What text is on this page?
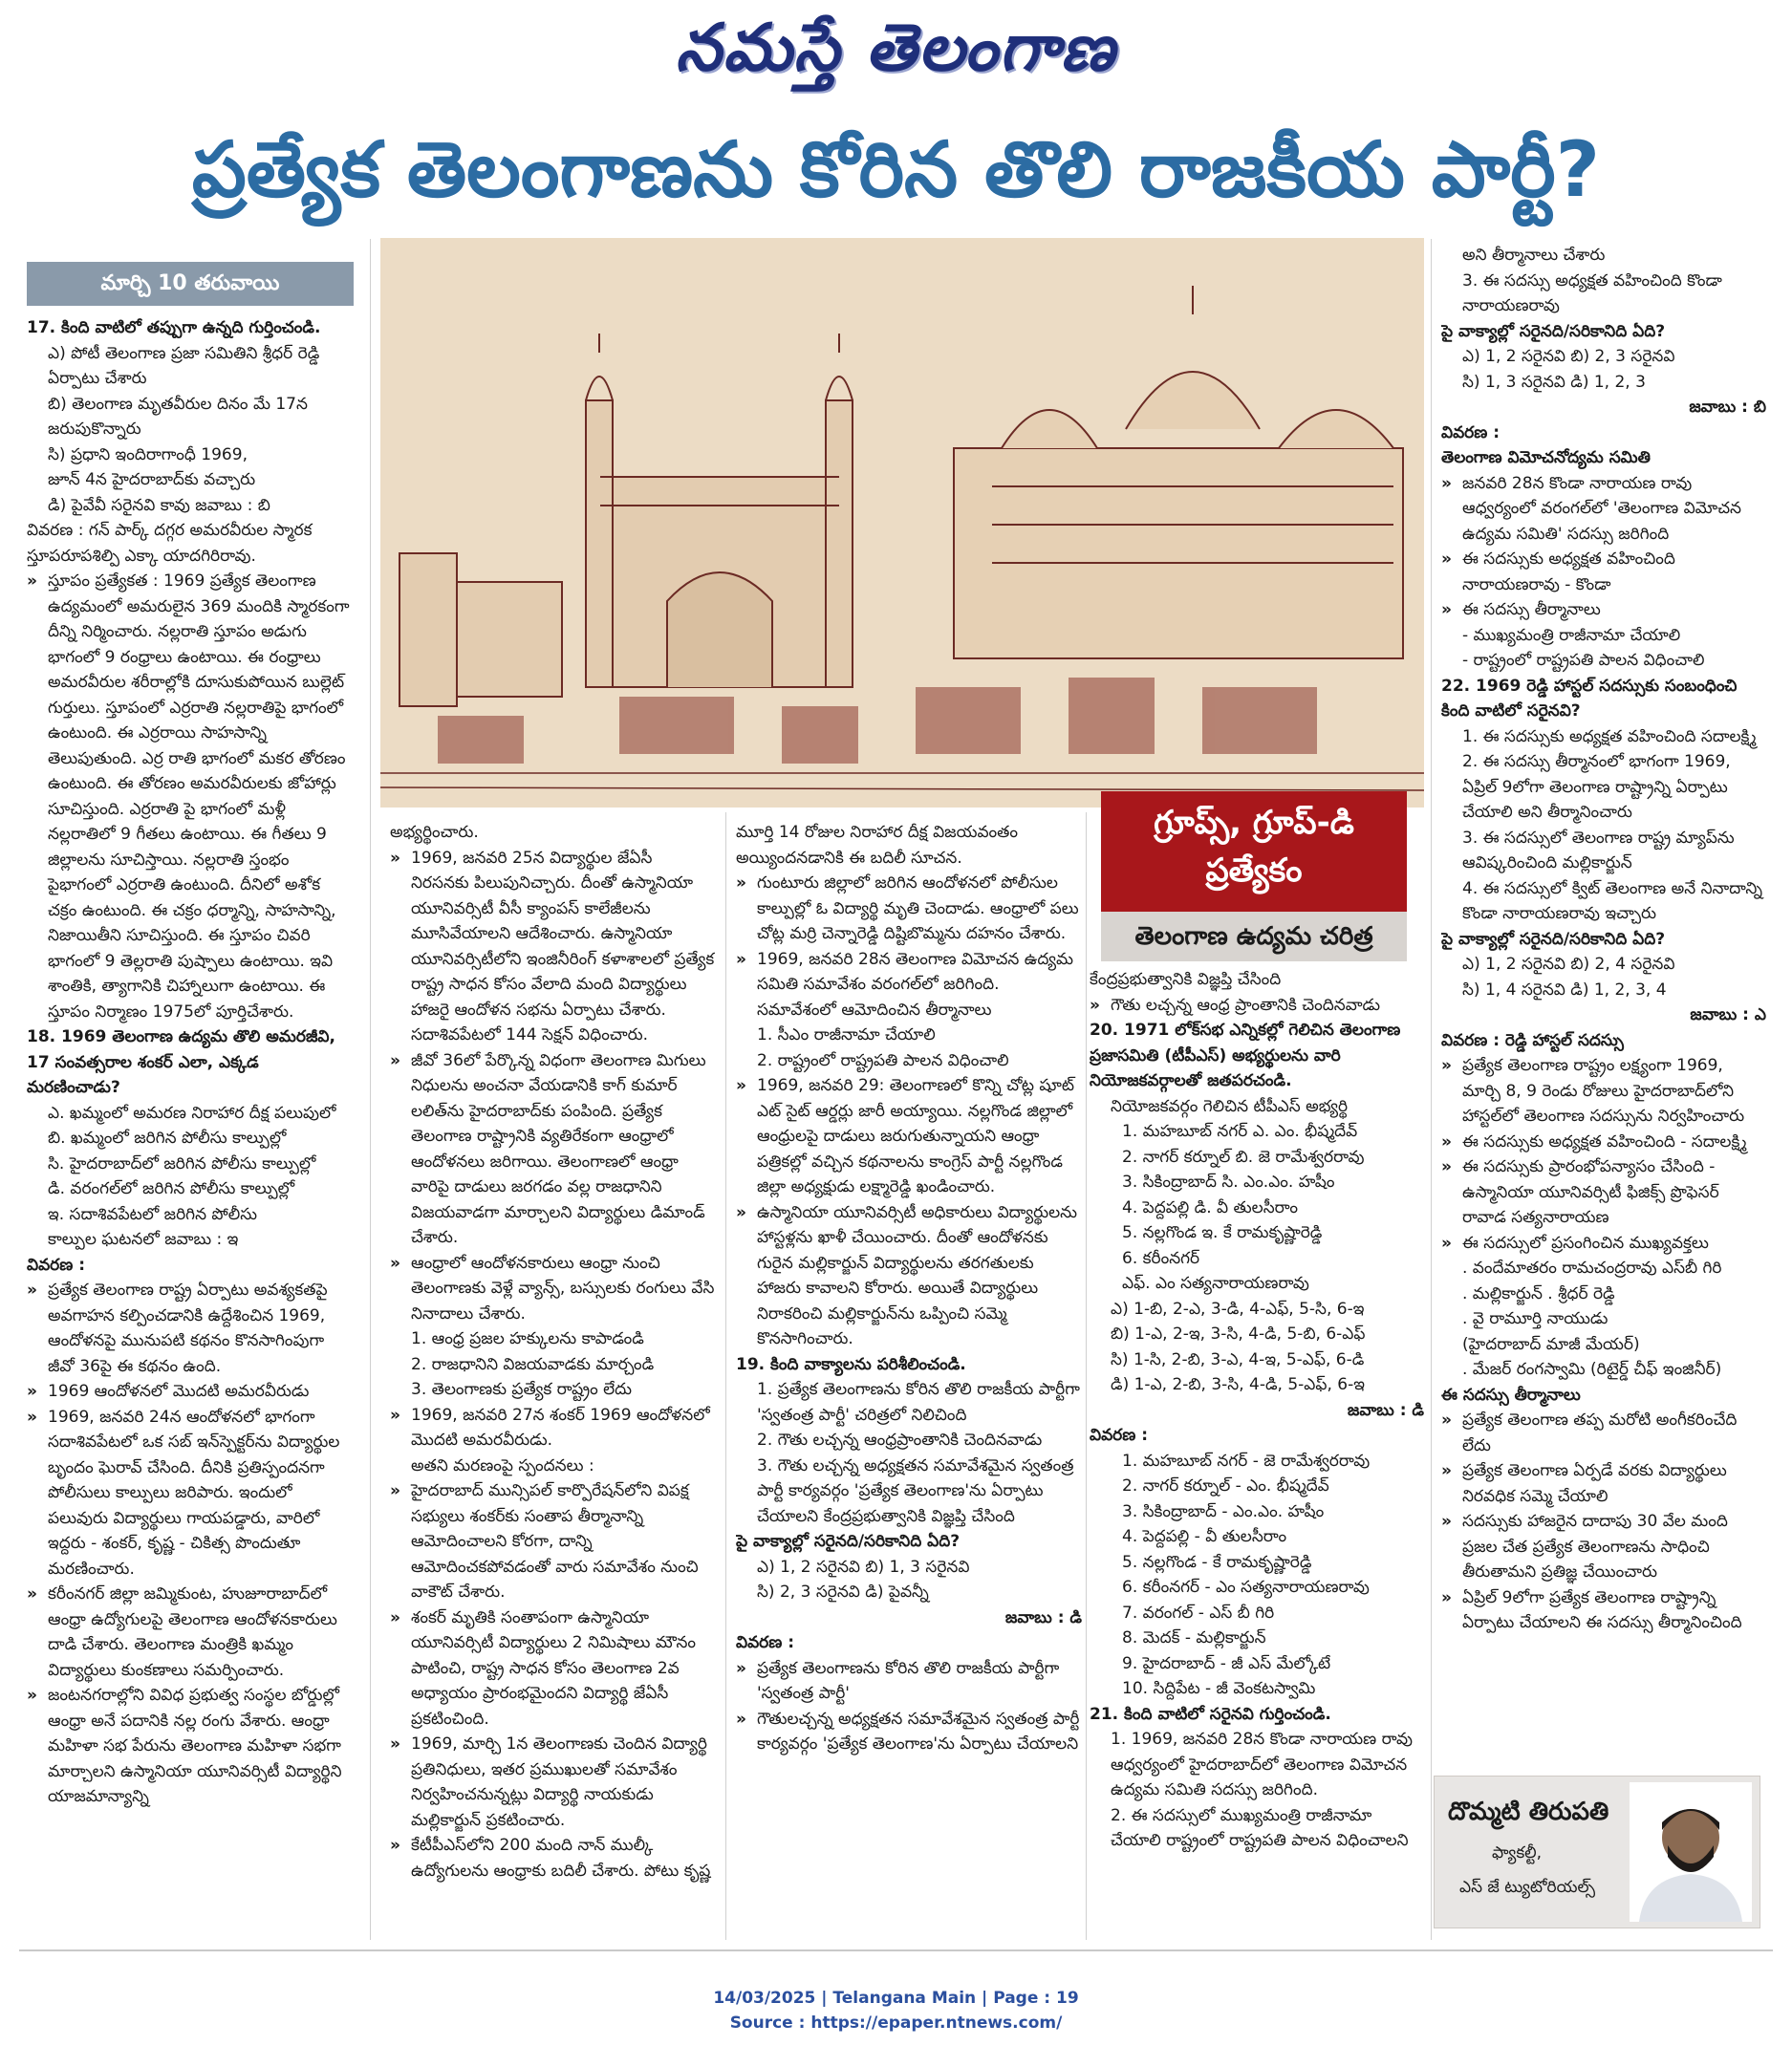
నమస్తే తెలంగాణ
ప్రత్యేక తెలంగాణను కోరిన తొలి రాజకీయ పార్టీ?
మార్చి 10 తరువాయి

17. కింది వాటిలో తప్పుగా ఉన్నది గుర్తించండి.

ఎ) పోటీ తెలంగాణ ప్రజా సమితిని శ్రీధర్ రెడ్డి

ఏర్పాటు చేశారు

బి) తెలంగాణ మృతవీరుల దినం మే 17న

జరుపుకొన్నారు

సి) ప్రధాని ఇందిరాగాంధీ 1969,

జూన్ 4న హైదరాబాద్‌కు వచ్చారు

డి) పైవేవీ సరైనవి కావు జవాబు : బి

వివరణ : గన్ పార్క్ దగ్గర అమరవీరుల స్మారక

స్తూపరూపశిల్పి ఎక్కా యాదగిరిరావు.

» స్తూపం ప్రత్యేకత : 1969 ప్రత్యేక తెలంగాణ ఉద్యమంలో అమరులైన 369 మందికి స్మారకంగా దీన్ని నిర్మించారు. నల్లరాతి స్తూపం అడుగు భాగంలో 9 రంధ్రాలు ఉంటాయి. ఈ రంధ్రాలు అమరవీరుల శరీరాల్లోకి దూసుకుపోయిన బుల్లెట్ గుర్తులు. స్తూపంలో ఎర్రరాతి నల్లరాతిపై భాగంలో ఉంటుంది. ఈ ఎర్రరాయి సాహసాన్ని తెలుపుతుంది. ఎర్ర రాతి భాగంలో మకర తోరణం ఉంటుంది. ఈ తోరణం అమరవీరులకు జోహార్లు సూచిస్తుంది. ఎర్రరాతి పై భాగంలో మళ్లీ నల్లరాతిలో 9 గీతలు ఉంటాయి. ఈ గీతలు 9 జిల్లాలను సూచిస్తాయి. నల్లరాతి స్తంభం పైభాగంలో ఎర్రరాతి ఉంటుంది. దీనిలో అశోక చక్రం ఉంటుంది. ఈ చక్రం ధర్మాన్ని, సాహసాన్ని, నిజాయితీని సూచిస్తుంది. ఈ స్తూపం చివరి భాగంలో 9 తెల్లరాతి పుష్పాలు ఉంటాయి. ఇవి శాంతికి, త్యాగానికి చిహ్నాలుగా ఉంటాయి. ఈ స్తూపం నిర్మాణం 1975లో పూర్తిచేశారు.

18. 1969 తెలంగాణ ఉద్యమ తొలి అమరజీవి, 17 సంవత్సరాల శంకర్ ఎలా, ఎక్కడ మరణించాడు?

ఎ. ఖమ్మంలో అమరణ నిరాహార దీక్ష పలుపులో

బి. ఖమ్మంలో జరిగిన పోలీసు కాల్పుల్లో

సి. హైదరాబాద్‌లో జరిగిన పోలీసు కాల్పుల్లో

డి. వరంగల్‌లో జరిగిన పోలీసు కాల్పుల్లో

ఇ. సదాశివపేటలో జరిగిన పోలీసు

కాల్పుల ఘటనలో జవాబు : ఇ

వివరణ :

» ప్రత్యేక తెలంగాణ రాష్ట్ర ఏర్పాటు అవశ్యకతపై అవగాహన కల్పించడానికి ఉద్దేశించిన 1969, ఆందోళనపై మునుపటి కథనం కొనసాగింపుగా జీవో 36పై ఈ కథనం ఉంది.

» 1969 ఆందోళనలో మొదటి అమరవీరుడు

» 1969, జనవరి 24న ఆందోళనలో భాగంగా సదాశివపేటలో ఒక సబ్ ఇన్‌స్పెక్టర్‌ను విద్యార్థుల బృందం ఘెరావ్ చేసింది. దీనికి ప్రతిస్పందనగా పోలీసులు కాల్పులు జరిపారు. ఇందులో పలువురు విద్యార్థులు గాయపడ్డారు, వారిలో ఇద్దరు - శంకర్, కృష్ణ - చికిత్స పొందుతూ మరణించారు.

» కరీంనగర్ జిల్లా జమ్మికుంట, హుజూరాబాద్‌లో ఆంధ్రా ఉద్యోగులపై తెలంగాణ ఆందోళనకారులు దాడి చేశారు. తెలంగాణ మంత్రికి ఖమ్మం విద్యార్థులు కుంకణాలు సమర్పించారు.

» జంటనగరాల్లోని వివిధ ప్రభుత్వ సంస్థల బోర్డుల్లో ఆంధ్రా అనే పదానికి నల్ల రంగు వేశారు. ఆంధ్రా మహిళా సభ పేరును తెలంగాణ మహిళా సభగా మార్చాలని ఉస్మానియా యూనివర్సిటీ విద్యార్థిని యాజమాన్యాన్ని

అభ్యర్థించారు.

» 1969, జనవరి 25న విద్యార్థుల జేఏసీ నిరసనకు పిలుపునిచ్చారు. దీంతో ఉస్మానియా యూనివర్సిటీ వీసీ క్యాంపస్ కాలేజీలను మూసివేయాలని ఆదేశించారు. ఉస్మానియా యూనివర్సిటీలోని ఇంజినీరింగ్ కళాశాలలో ప్రత్యేక రాష్ట్ర సాధన కోసం వేలాది మంది విద్యార్థులు హాజరై ఆందోళన సభను ఏర్పాటు చేశారు. సదాశివపేటలో 144 సెక్షన్ విధించారు.

» జీవో 36లో పేర్కొన్న విధంగా తెలంగాణ మిగులు నిధులను అంచనా వేయడానికి కాగ్ కుమార్ లలిత్‌ను హైదరాబాద్‌కు పంపింది. ప్రత్యేక తెలంగాణ రాష్ట్రానికి వ్యతిరేకంగా ఆంధ్రాలో ఆందోళనలు జరిగాయి. తెలంగాణలో ఆంధ్రా వారిపై దాడులు జరగడం వల్ల రాజధానిని విజయవాడగా మార్చాలని విద్యార్థులు డిమాండ్ చేశారు.

» ఆంధ్రాలో ఆందోళనకారులు ఆంధ్రా నుంచి తెలంగాణకు వెళ్లే వ్యాన్స్, బస్సులకు రంగులు వేసి నినాదాలు చేశారు.

1. ఆంధ్ర ప్రజల హక్కులను కాపాడండి

2. రాజధానిని విజయవాడకు మార్చండి

3. తెలంగాణకు ప్రత్యేక రాష్ట్రం లేదు

» 1969, జనవరి 27న శంకర్ 1969 ఆందోళనలో మొదటి అమరవీరుడు.

అతని మరణంపై స్పందనలు :

» హైదరాబాద్ మున్సిపల్ కార్పొరేషన్‌లోని విపక్ష సభ్యులు శంకర్‌కు సంతాప తీర్మానాన్ని ఆమోదించాలని కోరగా, దాన్ని ఆమోదించకపోవడంతో వారు సమావేశం నుంచి వాకౌట్ చేశారు.

» శంకర్ మృతికి సంతాపంగా ఉస్మానియా యూనివర్సిటీ విద్యార్థులు 2 నిమిషాలు మౌనం పాటించి, రాష్ట్ర సాధన కోసం తెలంగాణ 2వ అధ్యాయం ప్రారంభమైందని విద్యార్థి జేఏసీ ప్రకటించింది.

» 1969, మార్చి 1న తెలంగాణకు చెందిన విద్యార్థి ప్రతినిధులు, ఇతర ప్రముఖులతో సమావేశం నిర్వహించనున్నట్లు విద్యార్థి నాయకుడు మల్లికార్జున్ ప్రకటించారు.

» కేటీపీఎస్‌లోని 200 మంది నాన్ ముల్కీ ఉద్యోగులను ఆంధ్రాకు బదిలీ చేశారు. పోటు కృష్ణ

మూర్తి 14 రోజుల నిరాహార దీక్ష విజయవంతం అయ్యిందనడానికి ఈ బదిలీ సూచన.

» గుంటూరు జిల్లాలో జరిగిన ఆందోళనలో పోలీసుల కాల్పుల్లో ఓ విద్యార్థి మృతి చెందాడు. ఆంధ్రాలో పలు చోట్ల మర్రి చెన్నారెడ్డి దిష్టిబొమ్మను దహనం చేశారు.

» 1969, జనవరి 28న తెలంగాణ విమోచన ఉద్యమ సమితి సమావేశం వరంగల్‌లో జరిగింది. సమావేశంలో ఆమోదించిన తీర్మానాలు

1. సీఎం రాజీనామా చేయాలి

2. రాష్ట్రంలో రాష్ట్రపతి పాలన విధించాలి

» 1969, జనవరి 29: తెలంగాణలో కొన్ని చోట్ల షూట్ ఎట్ సైట్ ఆర్డర్లు జారీ అయ్యాయి. నల్లగొండ జిల్లాలో ఆంధ్రులపై దాడులు జరుగుతున్నాయని ఆంధ్రా పత్రికల్లో వచ్చిన కథనాలను కాంగ్రెస్ పార్టీ నల్లగొండ జిల్లా అధ్యక్షుడు లక్ష్మారెడ్డి ఖండించారు.

» ఉస్మానియా యూనివర్సిటీ అధికారులు విద్యార్థులను హాస్టళ్లను ఖాళీ చేయించారు. దీంతో ఆందోళనకు గురైన మల్లికార్జున్ విద్యార్థులను తరగతులకు హాజరు కావాలని కోరారు. అయితే విద్యార్థులు నిరాకరించి మల్లికార్జున్‌ను ఒప్పించి సమ్మె కొనసాగించారు.

19. కింది వాక్యాలను పరిశీలించండి.

1. ప్రత్యేక తెలంగాణను కోరిన తొలి రాజకీయ పార్టీగా 'స్వతంత్ర పార్టీ' చరిత్రలో నిలిచింది

2. గౌతు లచ్చన్న ఆంధ్రప్రాంతానికి చెందినవాడు

3. గౌతు లచ్చన్న అధ్యక్షతన సమావేశమైన స్వతంత్ర పార్టీ కార్యవర్గం 'ప్రత్యేక తెలంగాణ'ను ఏర్పాటు చేయాలని కేంద్రప్రభుత్వానికి విజ్ఞప్తి చేసింది

పై వాక్యాల్లో సరైనది/సరికానిది ఏది?

ఎ) 1, 2 సరైనవి బి) 1, 3 సరైనవి

సి) 2, 3 సరైనవి డి) పైవన్నీ

జవాబు : డి

వివరణ :

» ప్రత్యేక తెలంగాణను కోరిన తొలి రాజకీయ పార్టీగా 'స్వతంత్ర పార్టీ'

» గౌతులచ్చన్న అధ్యక్షతన సమావేశమైన స్వతంత్ర పార్టీ కార్యవర్గం 'ప్రత్యేక తెలంగాణ'ను ఏర్పాటు చేయాలని

కేంద్రప్రభుత్వానికి విజ్ఞప్తి చేసింది

» గౌతు లచ్చన్న ఆంధ్ర ప్రాంతానికి చెందినవాడు

20. 1971 లోక్‌సభ ఎన్నికల్లో గెలిచిన తెలంగాణ ప్రజాసమితి (టీపీఎస్) అభ్యర్థులను వారి నియోజకవర్గాలతో జతపరచండి.

నియోజకవర్గం గెలిచిన టీపీఎస్ అభ్యర్థి

1. మహబూబ్ నగర్ ఎ. ఎం. భీష్మదేవ్

2. నాగర్ కర్నూల్ బి. జె రామేశ్వరరావు

3. సికింద్రాబాద్ సి. ఎం.ఎం. హషీం

4. పెద్దపల్లి డి. వీ తులసీరాం

5. నల్లగొండ ఇ. కే రామకృష్ణారెడ్డి

6. కరీంనగర్

ఎఫ్. ఎం సత్యనారాయణరావు

ఎ) 1-బి, 2-ఎ, 3-డి, 4-ఎఫ్, 5-సి, 6-ఇ

బి) 1-ఎ, 2-ఇ, 3-సి, 4-డి, 5-బి, 6-ఎఫ్

సి) 1-సి, 2-బి, 3-ఎ, 4-ఇ, 5-ఎఫ్, 6-డి

డి) 1-ఎ, 2-బి, 3-సి, 4-డి, 5-ఎఫ్, 6-ఇ

జవాబు : డి

వివరణ :

1. మహబూబ్ నగర్ - జె రామేశ్వరరావు

2. నాగర్ కర్నూల్ - ఎం. భీష్మదేవ్

3. సికింద్రాబాద్ - ఎం.ఎం. హషీం

4. పెద్దపల్లి - వీ తులసీరాం

5. నల్లగొండ - కే రామకృష్ణారెడ్డి

6. కరీంనగర్ - ఎం సత్యనారాయణరావు

7. వరంగల్ - ఎస్ బీ గిరి

8. మెదక్ - మల్లికార్జున్

9. హైదరాబాద్ - జీ ఎస్ మేల్కోటే

10. సిద్దిపేట - జీ వెంకటస్వామి

21. కింది వాటిలో సరైనవి గుర్తించండి.

1. 1969, జనవరి 28న కొండా నారాయణ రావు ఆధ్వర్యంలో హైదరాబాద్‌లో తెలంగాణ విమోచన ఉద్యమ సమితి సదస్సు జరిగింది.

2. ఈ సదస్సులో ముఖ్యమంత్రి రాజీనామా చేయాలి రాష్ట్రంలో రాష్ట్రపతి పాలన విధించాలని

అని తీర్మానాలు చేశారు

3. ఈ సదస్సు అధ్యక్షత వహించింది కొండా నారాయణరావు

పై వాక్యాల్లో సరైనది/సరికానిది ఏది?

ఎ) 1, 2 సరైనవి బి) 2, 3 సరైనవి

సి) 1, 3 సరైనవి డి) 1, 2, 3

జవాబు : బి

వివరణ :

తెలంగాణ విమోచనోద్యమ సమితి

» జనవరి 28న కొండా నారాయణ రావు ఆధ్వర్యంలో వరంగల్‌లో 'తెలంగాణ విమోచన ఉద్యమ సమితి' సదస్సు జరిగింది

» ఈ సదస్సుకు అధ్యక్షత వహించింది నారాయణరావు - కొండా

» ఈ సదస్సు తీర్మానాలు

- ముఖ్యమంత్రి రాజీనామా చేయాలి

- రాష్ట్రంలో రాష్ట్రపతి పాలన విధించాలి

22. 1969 రెడ్డి హాస్టల్ సదస్సుకు సంబంధించి కింది వాటిలో సరైనవి?

1. ఈ సదస్సుకు అధ్యక్షత వహించింది సదాలక్ష్మి

2. ఈ సదస్సు తీర్మానంలో భాగంగా 1969, ఏప్రిల్ 9లోగా తెలంగాణ రాష్ట్రాన్ని ఏర్పాటు చేయాలి అని తీర్మానించారు

3. ఈ సదస్సులో తెలంగాణ రాష్ట్ర మ్యాప్‌ను ఆవిష్కరించింది మల్లికార్జున్

4. ఈ సదస్సులో క్విట్ తెలంగాణ అనే నినాదాన్ని కొండా నారాయణరావు ఇచ్చారు

పై వాక్యాల్లో సరైనది/సరికానిది ఏది?

ఎ) 1, 2 సరైనవి బి) 2, 4 సరైనవి

సి) 1, 4 సరైనవి డి) 1, 2, 3, 4

జవాబు : ఎ

వివరణ : రెడ్డి హాస్టల్ సదస్సు

» ప్రత్యేక తెలంగాణ రాష్ట్రం లక్ష్యంగా 1969, మార్చి 8, 9 రెండు రోజులు హైదరాబాద్‌లోని హాస్టల్‌లో తెలంగాణ సదస్సును నిర్వహించారు

» ఈ సదస్సుకు అధ్యక్షత వహించింది - సదాలక్ష్మి

» ఈ సదస్సుకు ప్రారంభోపన్యాసం చేసింది - ఉస్మానియా యూనివర్సిటీ ఫిజిక్స్ ప్రొఫెసర్ రావాడ సత్యనారాయణ

» ఈ సదస్సులో ప్రసంగించిన ముఖ్యవక్తలు

. వందేమాతరం రామచంద్రరావు ఎస్‌బీ గిరి

. మల్లికార్జున్ . శ్రీధర్ రెడ్డి

. వై రామూర్తి నాయుడు

(హైదరాబాద్ మాజీ మేయర్)

. మేజర్ రంగస్వామి (రిటైర్డ్ చీఫ్ ఇంజినీర్)

ఈ సదస్సు తీర్మానాలు

» ప్రత్యేక తెలంగాణ తప్ప మరోటి అంగీకరించేది లేదు

» ప్రత్యేక తెలంగాణ ఏర్పడే వరకు విద్యార్థులు నిరవధిక సమ్మె చేయాలి

» సదస్సుకు హాజరైన దాదాపు 30 వేల మంది ప్రజల చేత ప్రత్యేక తెలంగాణను సాధించి తీరుతామని ప్రతిజ్ఞ చేయించారు

» ఏప్రిల్ 9లోగా ప్రత్యేక తెలంగాణ రాష్ట్రాన్ని ఏర్పాటు చేయాలని ఈ సదస్సు తీర్మానించింది

గ్రూప్స్, గ్రూప్-డి
ప్రత్యేకం
తెలంగాణ ఉద్యమ చరిత్ర
దొమ్మటి తిరుపతి
ఫ్యాకల్టీ,
ఎస్ జే ట్యుటోరియల్స్
14/03/2025 | Telangana Main | Page : 19
Source : https://epaper.ntnews.com/
